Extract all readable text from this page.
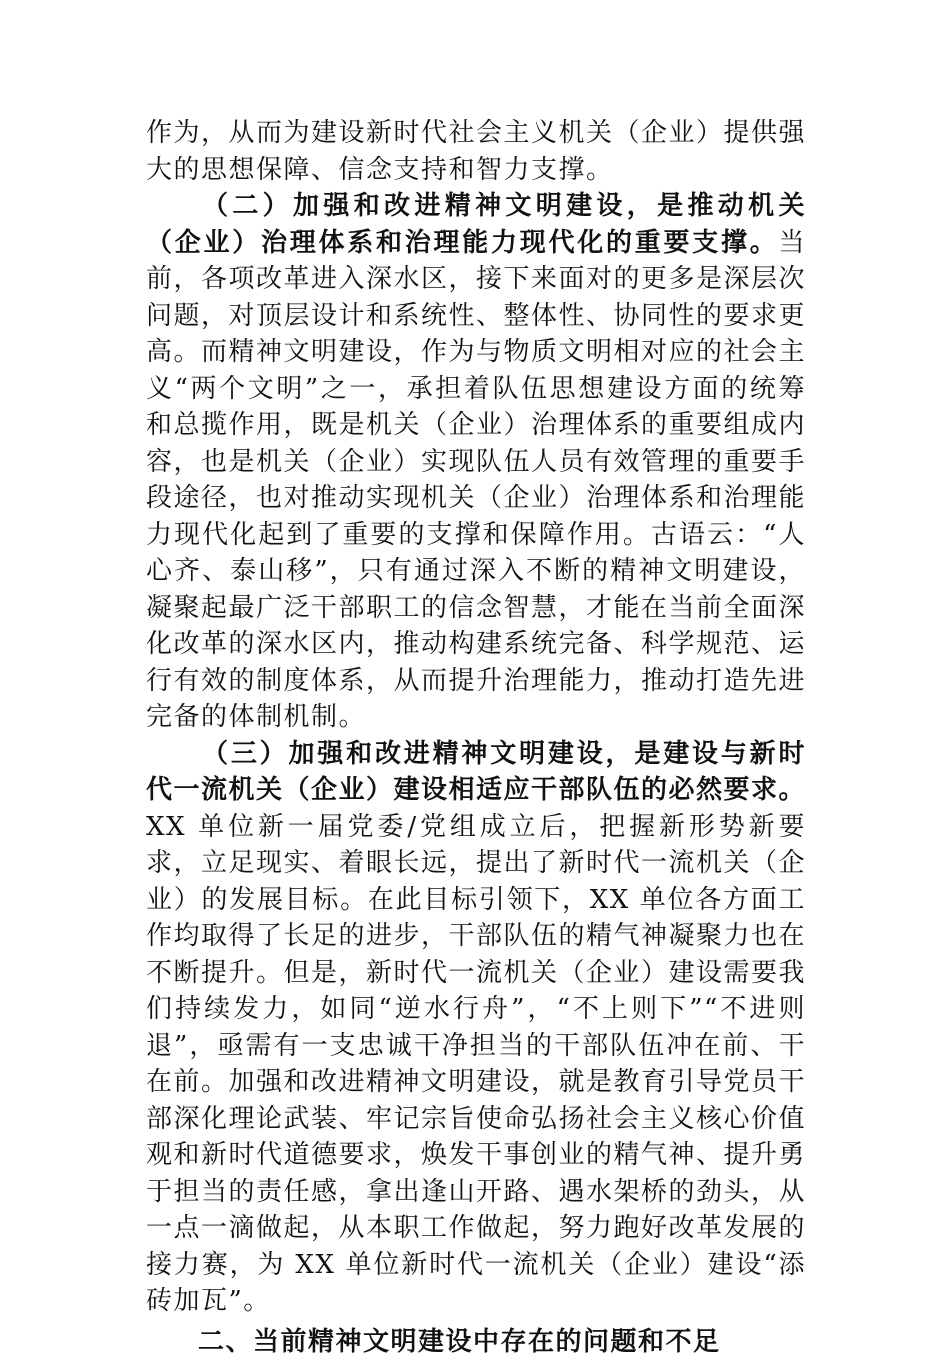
作为，从而为建设新时代社会主义机关（企业）提供强大的思想保障、信念支持和智力支撑。

（二）加强和改进精神文明建设，是推动机关（企业）治理体系和治理能力现代化的重要支撑。当前，各项改革进入深水区，接下来面对的更多是深层次问题，对顶层设计和系统性、整体性、协同性的要求更高。而精神文明建设，作为与物质文明相对应的社会主义“两个文明”之一，承担着队伍思想建设方面的统筹和总揽作用，既是机关（企业）治理体系的重要组成内容，也是机关（企业）实现队伍人员有效管理的重要手段途径，也对推动实现机关（企业）治理体系和治理能力现代化起到了重要的支撑和保障作用。古语云：“人心齐、泰山移”，只有通过深入不断的精神文明建设，凝聚起最广泛干部职工的信念智慧，才能在当前全面深化改革的深水区内，推动构建系统完备、科学规范、运行有效的制度体系，从而提升治理能力，推动打造先进完备的体制机制。

（三）加强和改进精神文明建设，是建设与新时代一流机关（企业）建设相适应干部队伍的必然要求。XX 单位新一届党委/党组成立后，把握新形势新要求，立足现实、着眼长远，提出了新时代一流机关（企业）的发展目标。在此目标引领下，XX 单位各方面工作均取得了长足的进步，干部队伍的精气神凝聚力也在不断提升。但是，新时代一流机关（企业）建设需要我们持续发力，如同“逆水行舟”，“不上则下”“不进则退”，亟需有一支忠诚干净担当的干部队伍冲在前、干在前。加强和改进精神文明建设，就是教育引导党员干部深化理论武装、牢记宗旨使命弘扬社会主义核心价值观和新时代道德要求，焕发干事创业的精气神、提升勇于担当的责任感，拿出逢山开路、遇水架桥的劲头，从一点一滴做起，从本职工作做起，努力跑好改革发展的接力赛，为 XX 单位新时代一流机关（企业）建设“添砖加瓦”。

二、当前精神文明建设中存在的问题和不足
